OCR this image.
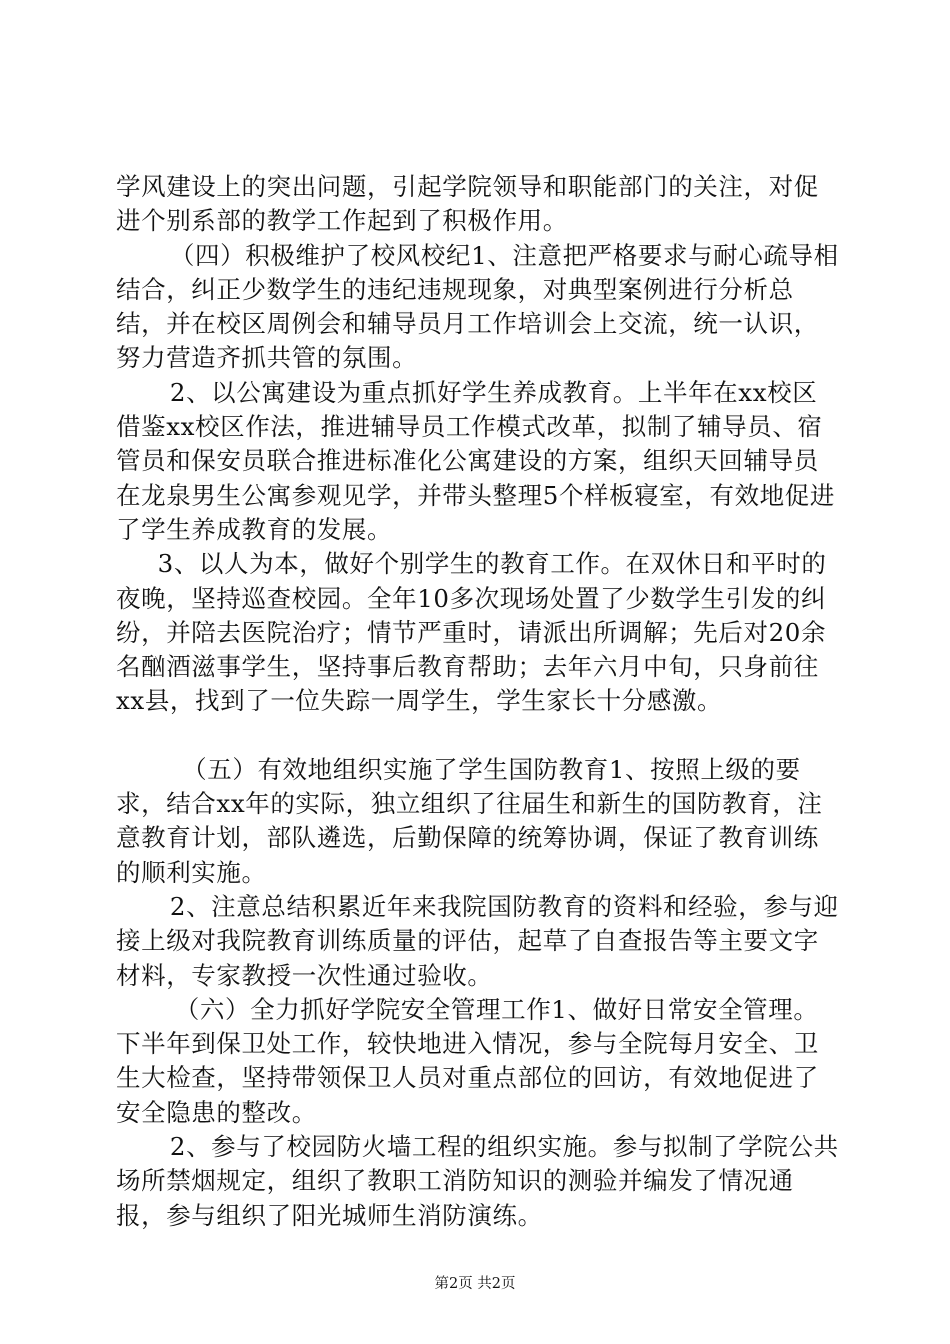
学风建设上的突出问题，引起学院领导和职能部门的关注，对促进个别系部的教学工作起到了积极作用。

（四）积极维护了校风校纪1、注意把严格要求与耐心疏导相结合，纠正少数学生的违纪违规现象，对典型案例进行分析总结，并在校区周例会和辅导员月工作培训会上交流，统一认识，努力营造齐抓共管的氛围。

2、以公寓建设为重点抓好学生养成教育。上半年在xx校区借鉴xx校区作法，推进辅导员工作模式改革，拟制了辅导员、宿管员和保安员联合推进标准化公寓建设的方案，组织天回辅导员在龙泉男生公寓参观见学，并带头整理5个样板寝室，有效地促进了学生养成教育的发展。

3、以人为本，做好个别学生的教育工作。在双休日和平时的夜晚，坚持巡查校园。全年10多次现场处置了少数学生引发的纠纷，并陪去医院治疗；情节严重时，请派出所调解；先后对20余名酗酒滋事学生，坚持事后教育帮助；去年六月中旬，只身前往xx县，找到了一位失踪一周学生，学生家长十分感激。

（五）有效地组织实施了学生国防教育1、按照上级的要求，结合xx年的实际，独立组织了往届生和新生的国防教育，注意教育计划，部队遴选，后勤保障的统筹协调，保证了教育训练的顺利实施。

2、注意总结积累近年来我院国防教育的资料和经验，参与迎接上级对我院教育训练质量的评估，起草了自查报告等主要文字材料，专家教授一次性通过验收。

（六）全力抓好学院安全管理工作1、做好日常安全管理。下半年到保卫处工作，较快地进入情况，参与全院每月安全、卫生大检查，坚持带领保卫人员对重点部位的回访，有效地促进了安全隐患的整改。

2、参与了校园防火墙工程的组织实施。参与拟制了学院公共场所禁烟规定，组织了教职工消防知识的测验并编发了情况通报，参与组织了阳光城师生消防演练。

第2页 共2页
